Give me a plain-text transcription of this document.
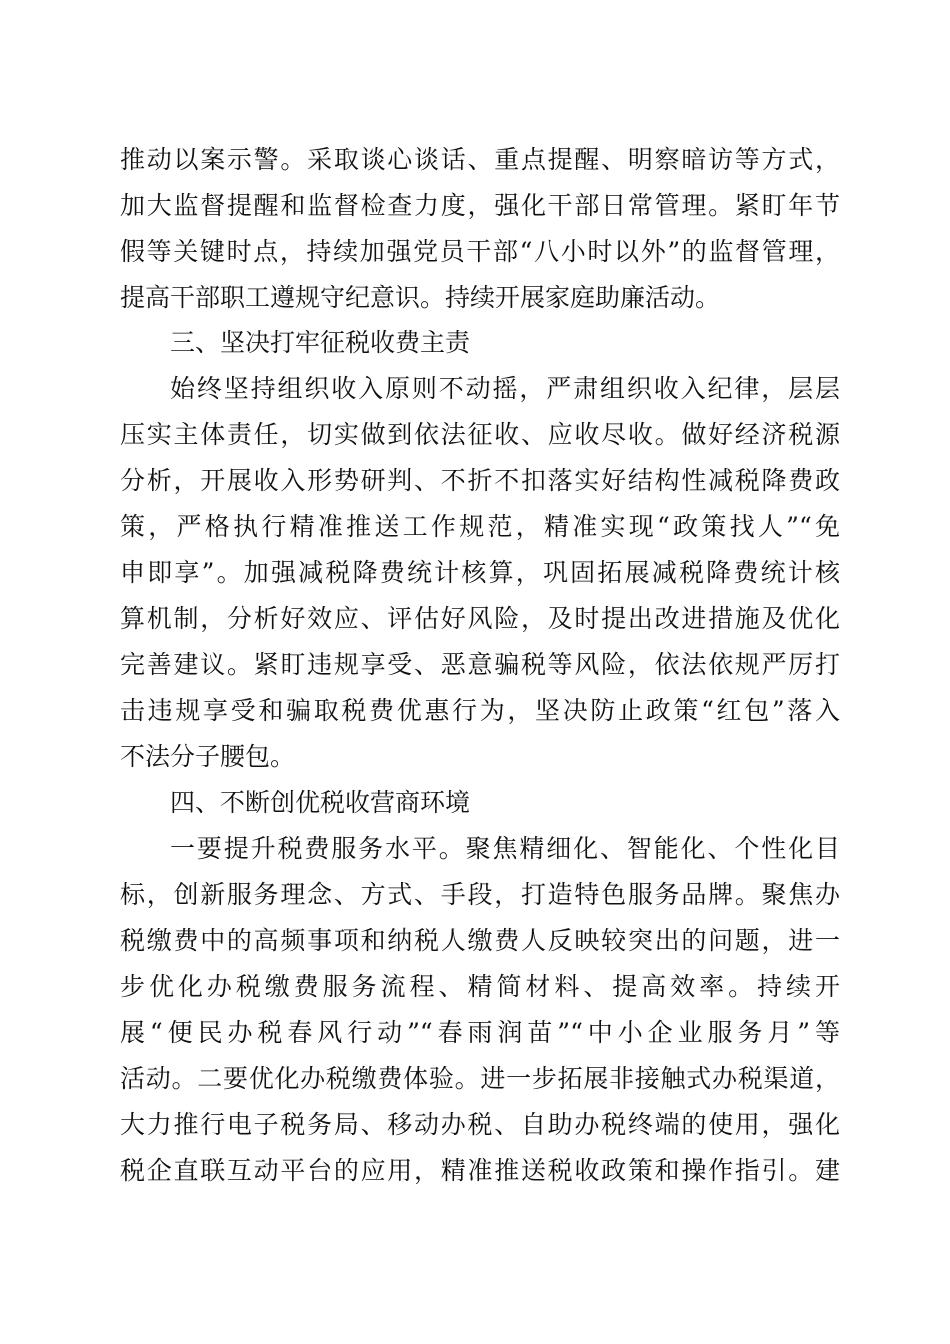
推动以案示警。采取谈心谈话、重点提醒、明察暗访等方式，
加大监督提醒和监督检查力度，强化干部日常管理。紧盯年节
假等关键时点，持续加强党员干部“八小时以外”的监督管理，
提高干部职工遵规守纪意识。持续开展家庭助廉活动。
三、坚决打牢征税收费主责
始终坚持组织收入原则不动摇，严肃组织收入纪律，层层
压实主体责任，切实做到依法征收、应收尽收。做好经济税源
分析，开展收入形势研判、不折不扣落实好结构性减税降费政
策，严格执行精准推送工作规范，精准实现“政策找人”“免
申即享”。加强减税降费统计核算，巩固拓展减税降费统计核
算机制，分析好效应、评估好风险，及时提出改进措施及优化
完善建议。紧盯违规享受、恶意骗税等风险，依法依规严厉打
击违规享受和骗取税费优惠行为，坚决防止政策“红包”落入
不法分子腰包。
四、不断创优税收营商环境
一要提升税费服务水平。聚焦精细化、智能化、个性化目
标，创新服务理念、方式、手段，打造特色服务品牌。聚焦办
税缴费中的高频事项和纳税人缴费人反映较突出的问题，进一
步优化办税缴费服务流程、精简材料、提高效率。持续开
展“便民办税春风行动”“春雨润苗”“中小企业服务月”等
活动。二要优化办税缴费体验。进一步拓展非接触式办税渠道，
大力推行电子税务局、移动办税、自助办税终端的使用，强化
税企直联互动平台的应用，精准推送税收政策和操作指引。建
